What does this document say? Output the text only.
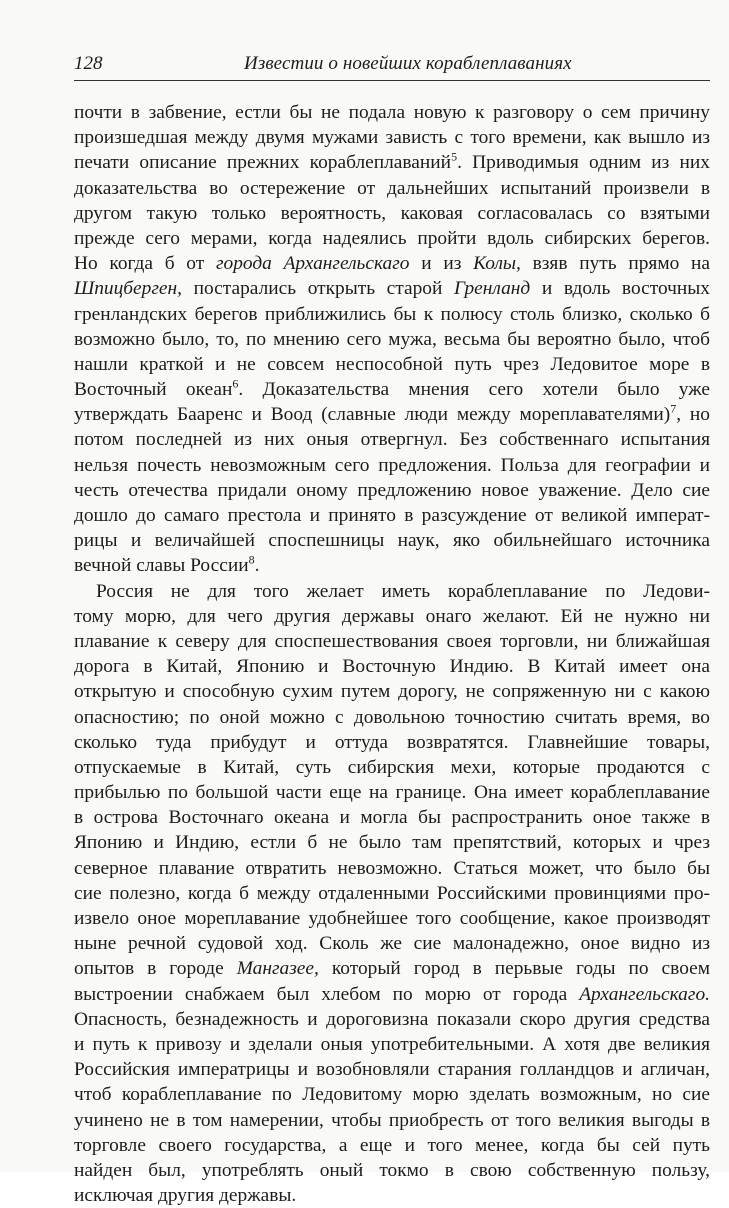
128	Известии о новейших кораблеплаваниях
почти в забвение, естли бы не подала новую к разговору о сем причину
произшедшая между двумя мужами зависть с того времени, как вышло из
печати описание прежних кораблеплаваний$^5$. Приводимыя одним из них
доказательства во остережение от дальнейших испытаний произвели в
другом такую только вероятность, каковая согласовалась со взятыми
прежде сего мерами, когда надеялись пройти вдоль сибирских берегов.
Но когда б от города Архангельскаго и из Колы, взяв путь прямо на
Шпицберген, постарались открыть старой Гренланд и вдоль восточных
гренландских берегов приближились бы к полюсу столь близко, сколько б
возможно было, то, по мнению сего мужа, весьма бы вероятно было, чтоб
нашли краткой и не совсем неспособной путь чрез Ледовитое море в
Восточный океан$^6$. Доказательства мнения сего хотели было уже
утверждать Бааренс и Воод (славные люди между мореплавателями)$^7$, но
потом последней из них оныя отвергнул. Без собственнаго испытания
нельзя почесть невозможным сего предложения. Польза для географии и
честь отечества придали оному предложению новое уважение. Дело сие
дошло до самаго престола и принято в разсуждение от великой императ-
рицы и величайшей споспешницы наук, яко обильнейшаго источника
вечной славы России$^8$.
Россия не для того желает иметь кораблеплавание по Ледови-
тому морю, для чего другия державы онаго желают. Ей не нужно ни
плавание к северу для споспешествования своея торговли, ни ближайшая
дорога в Китай, Японию и Восточную Индию. В Китай имеет она
открытую и способную сухим путем дорогу, не сопряженную ни с какою
опасностию; по оной можно с довольною точностию считать время, во
сколько туда прибудут и оттуда возвратятся. Главнейшие товары,
отпускаемые в Китай, суть сибирския мехи, которые продаются с
прибылью по большой части еще на границе. Она имеет кораблеплавание
в острова Восточнаго океана и могла бы распространить оное также в
Японию и Индию, естли б не было там препятствий, которых и чрез
северное плавание отвратить невозможно. Статься может, что было бы
сие полезно, когда б между отдаленными Российскими провинциями про-
извело оное мореплавание удобнейшее того сообщение, какое производят
ныне речной судовой ход. Сколь же сие малонадежно, оное видно из
опытов в городе Мангазее, который город в перьвые годы по своем
выстроении снабжаем был хлебом по морю от города Архангельскаго.
Опасность, безнадежность и дороговизна показали скоро другия средства
и путь к привозу и зделали оныя употребительными. А хотя две великия
Российския императрицы и возобновляли старания голландцов и агличан,
чтоб кораблеплавание по Ледовитому морю зделать возможным, но сие
учинено не в том намерении, чтобы приобресть от того великия выгоды в
торговле своего государства, а еще и того менее, когда бы сей путь
найден был, употреблять оный токмо в свою собственную пользу,
исключая другия державы.
